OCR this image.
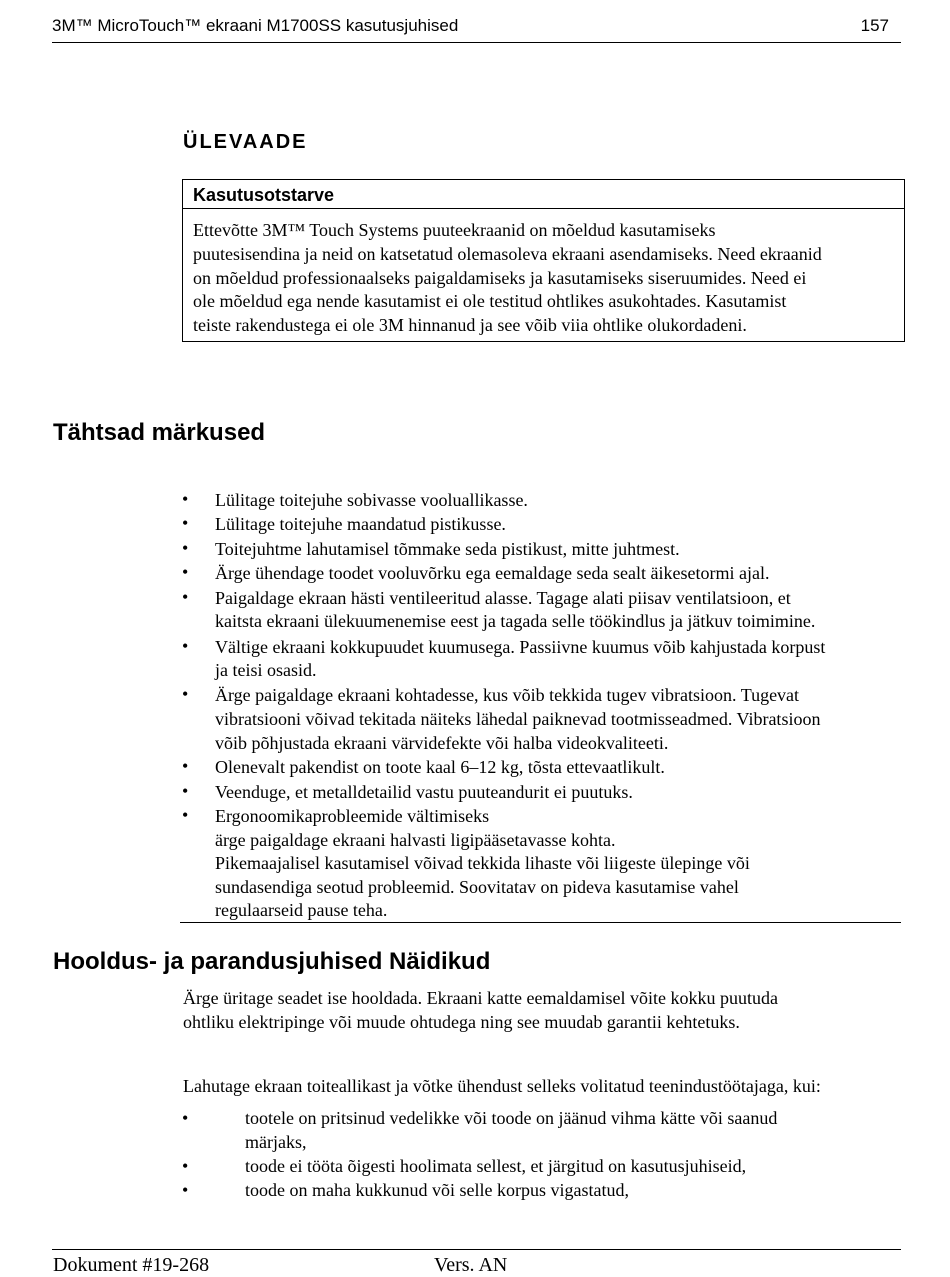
3M™ MicroTouch™ ekraani M1700SS kasutusjuhised	157
ÜLEVAADE
Kasutusotstarve
Ettevõtte 3M™ Touch Systems puuteekraanid on mõeldud kasutamiseks
puutesisendina ja neid on katsetatud olemasoleva ekraani asendamiseks. Need ekraanid
on mõeldud professionaalseks paigaldamiseks ja kasutamiseks siseruumides. Need ei
ole mõeldud ega nende kasutamist ei ole testitud ohtlikes asukohtades. Kasutamist
teiste rakendustega ei ole 3M hinnanud ja see võib viia ohtlike olukordadeni.
Tähtsad märkused
• Lülitage toitejuhe sobivasse vooluallikasse.
• Lülitage toitejuhe maandatud pistikusse.
• Toitejuhtme lahutamisel tõmmake seda pistikust, mitte juhtmest.
• Ärge ühendage toodet vooluvõrku ega eemaldage seda sealt äikesetormi ajal.
• Paigaldage ekraan hästi ventileeritud alasse. Tagage alati piisav ventilatsioon, et
kaitsta ekraani ülekuumenemise eest ja tagada selle töökindlus ja jätkuv toimimine.
• Vältige ekraani kokkupuudet kuumusega. Passiivne kuumus võib kahjustada korpust
ja teisi osasid.
• Ärge paigaldage ekraani kohtadesse, kus võib tekkida tugev vibratsioon. Tugevat
vibratsiooni võivad tekitada näiteks lähedal paiknevad tootmisseadmed. Vibratsioon
võib põhjustada ekraani värvidefekte või halba videokvaliteeti.
• Olenevalt pakendist on toote kaal 6–12 kg, tõsta ettevaatlikult.
• Veenduge, et metalldetailid vastu puuteandurit ei puutuks.
• Ergonoomikaprobleemide vältimiseks
ärge paigaldage ekraani halvasti ligipääsetavasse kohta.
Pikemaajalisel kasutamisel võivad tekkida lihaste või liigeste ülepinge või
sundasendiga seotud probleemid. Soovitatav on pideva kasutamise vahel
regulaarseid pause teha.
Hooldus- ja parandusjuhised Näidikud
Ärge üritage seadet ise hooldada. Ekraani katte eemaldamisel võite kokku puutuda
ohtliku elektripinge või muude ohtudega ning see muudab garantii kehtetuks.
Lahutage ekraan toiteallikast ja võtke ühendust selleks volitatud teenindustöötajaga, kui:
•	tootele on pritsinud vedelikke või toode on jäänud vihma kätte või saanud
märjaks,
•	toode ei tööta õigesti hoolimata sellest, et järgitud on kasutusjuhiseid,
•	toode on maha kukkunud või selle korpus vigastatud,
Dokument #19-268	Vers. AN
